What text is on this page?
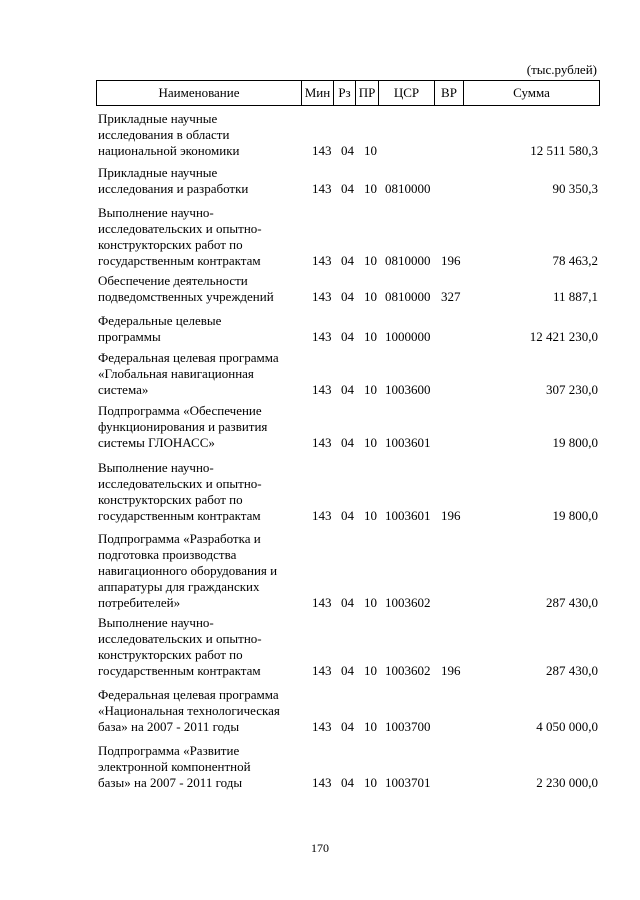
(тыс.рублей)
Наименование	Мин Рз ПР	ЦСР	ВР	Сумма
Прикладные научные
исследования в области
национальной экономики	143 04 10	12 511 580,3
Прикладные научные
исследования и разработки	143 04 10 0810000	90 350,3
Выполнение научно-
исследовательских и опытно-
конструкторских работ по
государственным контрактам	143 04 10 0810000 196	78 463,2
Обеспечение деятельности
подведомственных учреждений	143 04 10 0810000 327	11 887,1
Федеральные целевые
программы	143 04 10 1000000	12 421 230,0
Федеральная целевая программа
«Глобальная навигационная
система»	143 04 10 1003600	307 230,0
Подпрограмма «Обеспечение
функционирования и развития
системы ГЛОНАСС»	143 04 10 1003601	19 800,0
Выполнение научно-
исследовательских и опытно-
конструкторских работ по
государственным контрактам	143 04 10 1003601 196	19 800,0
Подпрограмма «Разработка и
подготовка производства
навигационного оборудования и
аппаратуры для гражданских
потребителей»	143 04 10 1003602	287 430,0
Выполнение научно-
исследовательских и опытно-
конструкторских работ по
государственным контрактам	143 04 10 1003602 196	287 430,0
Федеральная целевая программа
«Национальная технологическая
база» на 2007 - 2011 годы	143 04 10 1003700	4 050 000,0
Подпрограмма «Развитие
электронной компонентной
базы» на 2007 - 2011 годы	143 04 10 1003701	2 230 000,0
170
